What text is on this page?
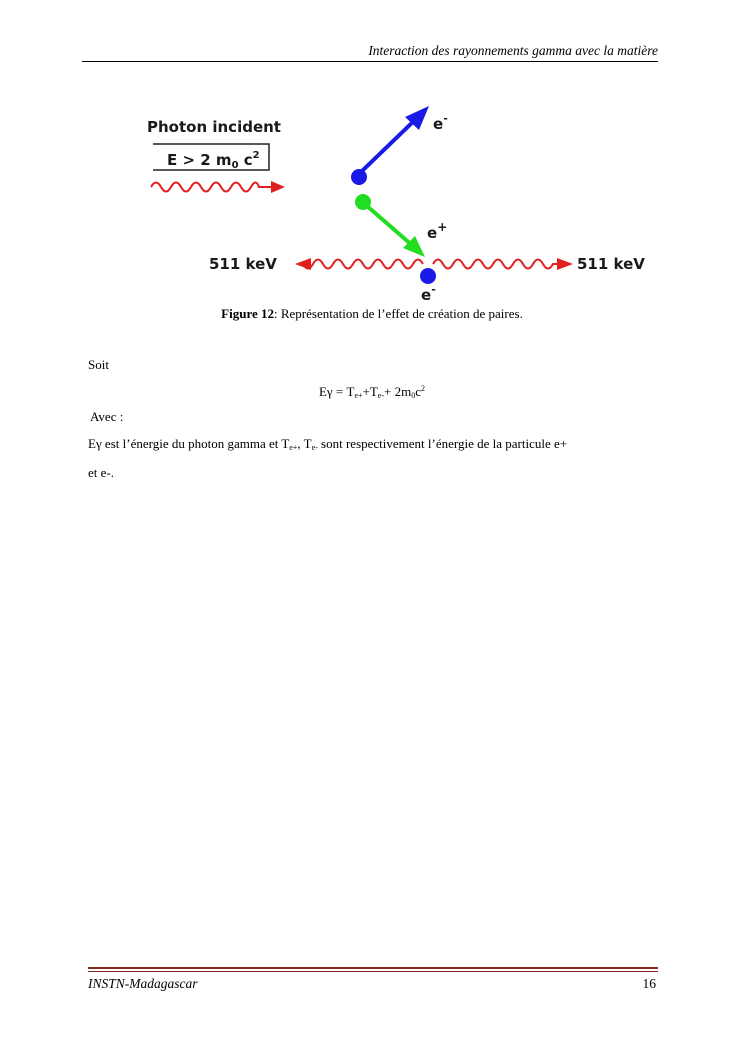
Interaction des rayonnements gamma avec la matière
Photon incident
E > 2 $m_0$ $c^2$
e-
e+
511 keV	511 keV
e-
Figure 12: Représentation de l’effet de création de paires.
Soit
$E\gamma = T_{e+}+T_{e-}+ 2m_0c^2$
Avec :
Eγ est l’énergie du photon gamma et $T_{e+}$, $T_{e-}$ sont respectivement l’énergie de la particule e+
et e-.
INSTN-Madagascar	16
